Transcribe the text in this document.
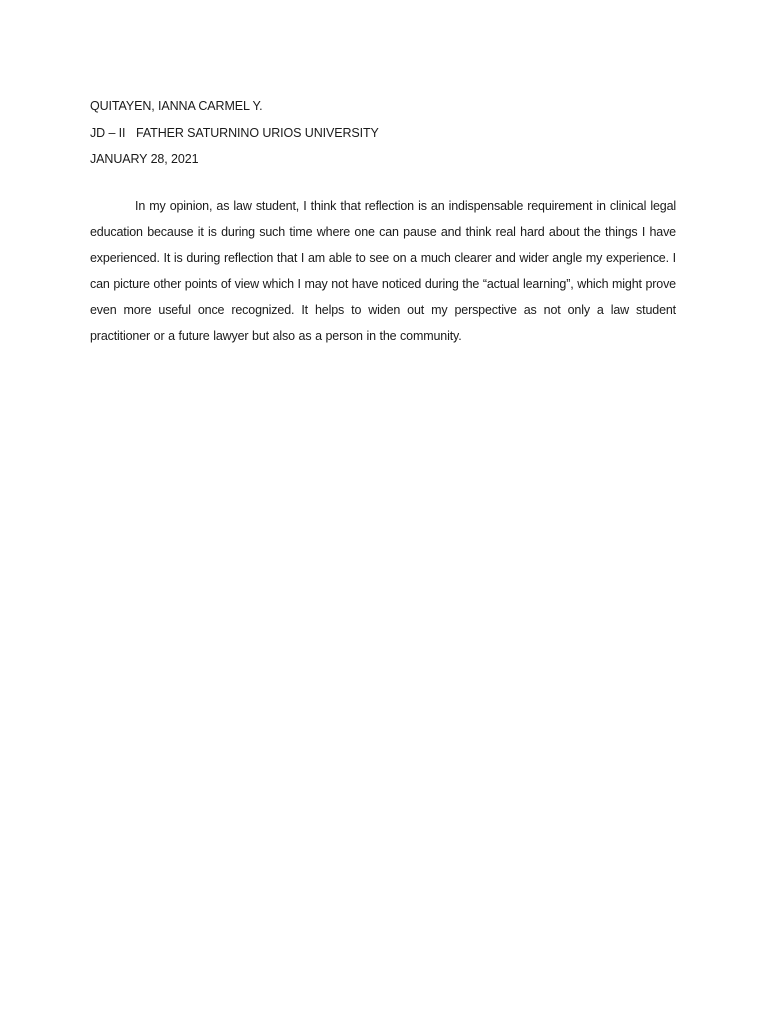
QUITAYEN, IANNA CARMEL Y.
JD – II FATHER SATURNINO URIOS UNIVERSITY
JANUARY 28, 2021

In my opinion, as law student, I think that reflection is an indispensable requirement in clinical legal education because it is during such time where one can pause and think real hard about the things I have experienced. It is during reflection that I am able to see on a much clearer and wider angle my experience. I can picture other points of view which I may not have noticed during the “actual learning”, which might prove even more useful once recognized. It helps to widen out my perspective as not only a law student practitioner or a future lawyer but also as a person in the community.
